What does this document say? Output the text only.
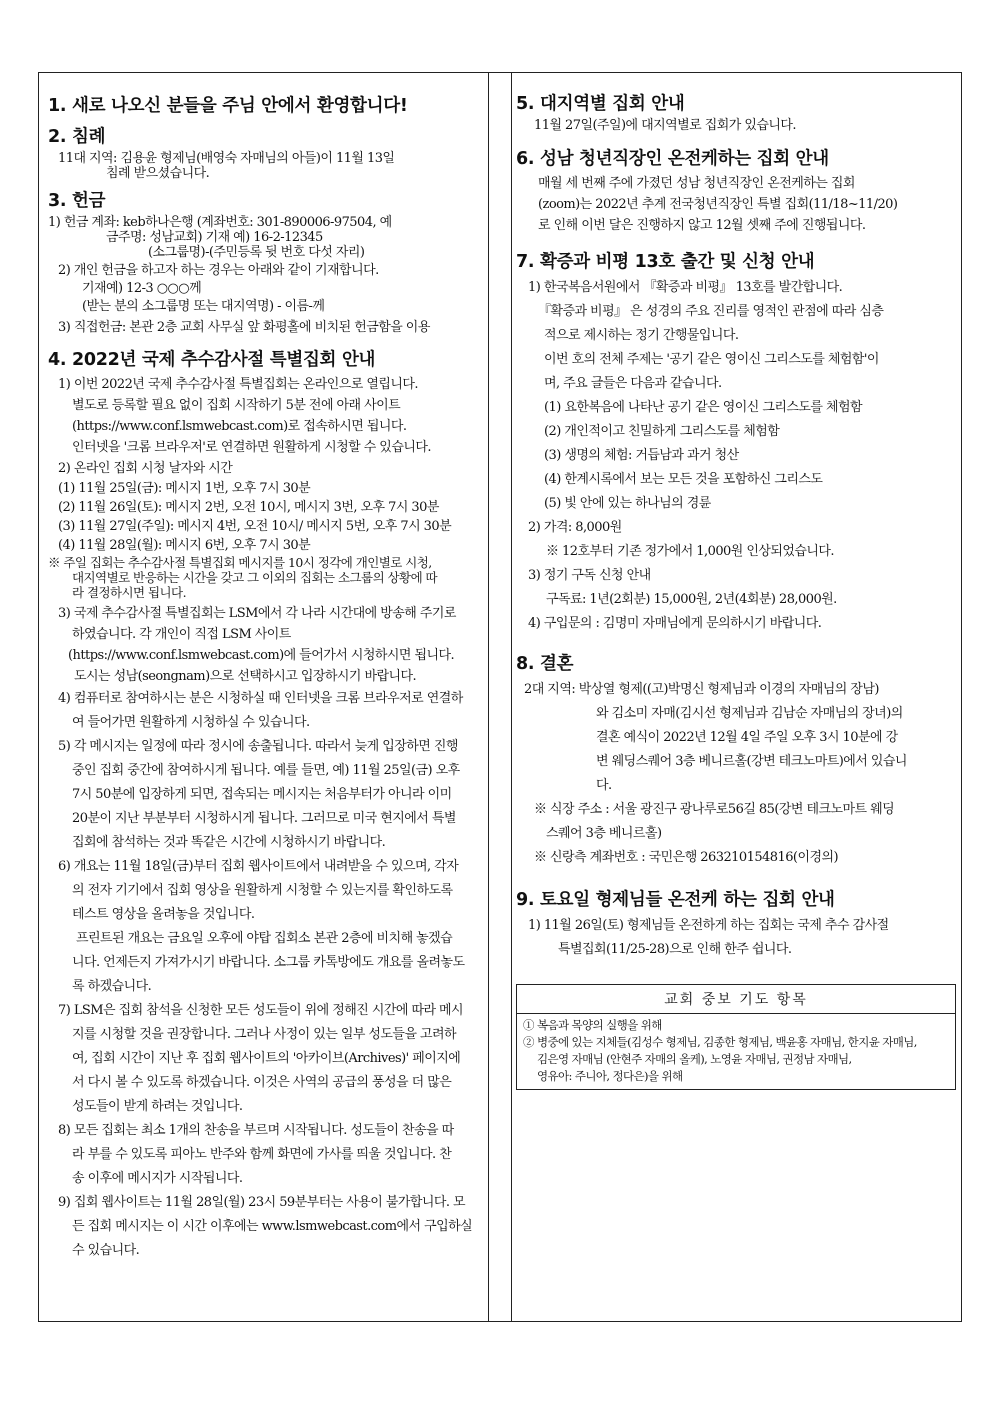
1. 새로 나오신 분들을 주님 안에서 환영합니다!
2. 침례

11대 지역: 김용윤 형제님(배영숙 자매님의 아들)이 11월 13일

침례 받으셨습니다.

3. 헌금

1) 헌금 계좌: keb하나은행 (계좌번호: 301-890006-97504, 예

금주명: 성남교회) 기재 예) 16-2-12345

(소그룹명)-(주민등록 뒷 번호 다섯 자리)

2) 개인 헌금을 하고자 하는 경우는 아래와 같이 기재합니다.

기재예) 12-3 ○○○께

(받는 분의 소그룹명 또는 대지역명) - 이름-께

3) 직접헌금: 본관 2층 교회 사무실 앞 화평홀에 비치된 헌금함을 이용

4. 2022년 국제 추수감사절 특별집회 안내

1) 이번 2022년 국제 추수감사절 특별집회는 온라인으로 열립니다.

별도로 등록할 필요 없이 집회 시작하기 5분 전에 아래 사이트

(https://www.conf.lsmwebcast.com)로 접속하시면 됩니다.

인터넷을 '크롬 브라우저'로 연결하면 원활하게 시청할 수 있습니다.

2) 온라인 집회 시청 날자와 시간

(1) 11월 25일(금): 메시지 1번, 오후 7시 30분

(2) 11월 26일(토): 메시지 2번, 오전 10시, 메시지 3번, 오후 7시 30분

(3) 11월 27일(주일): 메시지 4번, 오전 10시/ 메시지 5번, 오후 7시 30분

(4) 11월 28일(월): 메시지 6번, 오후 7시 30분

※ 주일 집회는 추수감사절 특별집회 메시지를 10시 정각에 개인별로 시청,

대지역별로 반응하는 시간을 갖고 그 이외의 집회는 소그룹의 상황에 따

라 결정하시면 됩니다.

3) 국제 추수감사절 특별집회는 LSM에서 각 나라 시간대에 방송해 주기로

하였습니다. 각 개인이 직접 LSM 사이트

(https://www.conf.lsmwebcast.com)에 들어가서 시청하시면 됩니다.

도시는 성남(seongnam)으로 선택하시고 입장하시기 바랍니다.

4) 컴퓨터로 참여하시는 분은 시청하실 때 인터넷을 크롬 브라우저로 연결하

여 들어가면 원활하게 시청하실 수 있습니다.

5) 각 메시지는 일정에 따라 정시에 송출됩니다. 따라서 늦게 입장하면 진행

중인 집회 중간에 참여하시게 됩니다. 예를 들면, 예) 11월 25일(금) 오후

7시 50분에 입장하게 되면, 접속되는 메시지는 처음부터가 아니라 이미

20분이 지난 부분부터 시청하시게 됩니다. 그러므로 미국 현지에서 특별

집회에 참석하는 것과 똑같은 시간에 시청하시기 바랍니다.

6) 개요는 11월 18일(금)부터 집회 웹사이트에서 내려받을 수 있으며, 각자

의 전자 기기에서 집회 영상을 원활하게 시청할 수 있는지를 확인하도록

테스트 영상을 올려놓을 것입니다.

프린트된 개요는 금요일 오후에 야탑 집회소 본관 2층에 비치해 놓겠습

니다. 언제든지 가져가시기 바랍니다. 소그룹 카톡방에도 개요를 올려놓도

록 하겠습니다.

7) LSM은 집회 참석을 신청한 모든 성도들이 위에 정해진 시간에 따라 메시

지를 시청할 것을 권장합니다. 그러나 사정이 있는 일부 성도들을 고려하

여, 집회 시간이 지난 후 집회 웹사이트의 '아카이브(Archives)' 페이지에

서 다시 볼 수 있도록 하겠습니다. 이것은 사역의 공급의 풍성을 더 많은

성도들이 받게 하려는 것입니다.

8) 모든 집회는 최소 1개의 찬송을 부르며 시작됩니다. 성도들이 찬송을 따

라 부를 수 있도록 피아노 반주와 함께 화면에 가사를 띄울 것입니다. 찬

송 이후에 메시지가 시작됩니다.

9) 집회 웹사이트는 11월 28일(월) 23시 59분부터는 사용이 불가합니다. 모

든 집회 메시지는 이 시간 이후에는 www.lsmwebcast.com에서 구입하실

수 있습니다.

5. 대지역별 집회 안내

11월 27일(주일)에 대지역별로 집회가 있습니다.

6. 성남 청년직장인 온전케하는 집회 안내

매월 세 번째 주에 가졌던 성남 청년직장인 온전케하는 집회

(zoom)는 2022년 추계 전국청년직장인 특별 집회(11/18~11/20)

로 인해 이번 달은 진행하지 않고 12월 셋째 주에 진행됩니다.

7. 확증과 비평 13호 출간 및 신청 안내

1) 한국복음서원에서 『확증과 비평』 13호를 발간합니다.

『확증과 비평』 은 성경의 주요 진리를 영적인 관점에 따라 심층

적으로 제시하는 정기 간행물입니다.

이번 호의 전체 주제는 '공기 같은 영이신 그리스도를 체험함'이

며, 주요 글들은 다음과 같습니다.

(1) 요한복음에 나타난 공기 같은 영이신 그리스도를 체험함

(2) 개인적이고 친밀하게 그리스도를 체험함

(3) 생명의 체험: 거듭남과 과거 청산

(4) 한계시록에서 보는 모든 것을 포함하신 그리스도

(5) 빛 안에 있는 하나님의 경륜

2) 가격: 8,000원

※ 12호부터 기존 정가에서 1,000원 인상되었습니다.

3) 정기 구독 신청 안내

구독료: 1년(2회분) 15,000원, 2년(4회분) 28,000원.

4) 구입문의 : 김명미 자매님에게 문의하시기 바랍니다.

8. 결혼

2대 지역: 박상열 형제((고)박명신 형제님과 이경의 자매님의 장남)

와 김소미 자매(김시선 형제님과 김남순 자매님의 장녀)의

결혼 예식이 2022년 12월 4일 주일 오후 3시 10분에 강

변 웨딩스퀘어 3층 베니르홀(강변 테크노마트)에서 있습니

다.

※ 식장 주소 : 서울 광진구 광나루로56길 85(강변 테크노마트 웨딩

스퀘어 3층 베니르홀)

※ 신랑측 계좌번호 : 국민은행 263210154816(이경의)

9. 토요일 형제님들 온전케 하는 집회 안내

1) 11월 26일(토) 형제님들 온전하게 하는 집회는 국제 추수 감사절

특별집회(11/25-28)으로 인해 한주 쉽니다.

교회 중보 기도 항목
① 복음과 목양의 실행을 위해
② 병중에 있는 지체들(김성수 형제님, 김종한 형제님, 백윤홍 자매님, 한지윤 자매님,
김은영 자매님 (안현주 자매의 올케), 노영윤 자매님, 권정남 자매님,
영유아: 주니아, 정다은)을 위해
